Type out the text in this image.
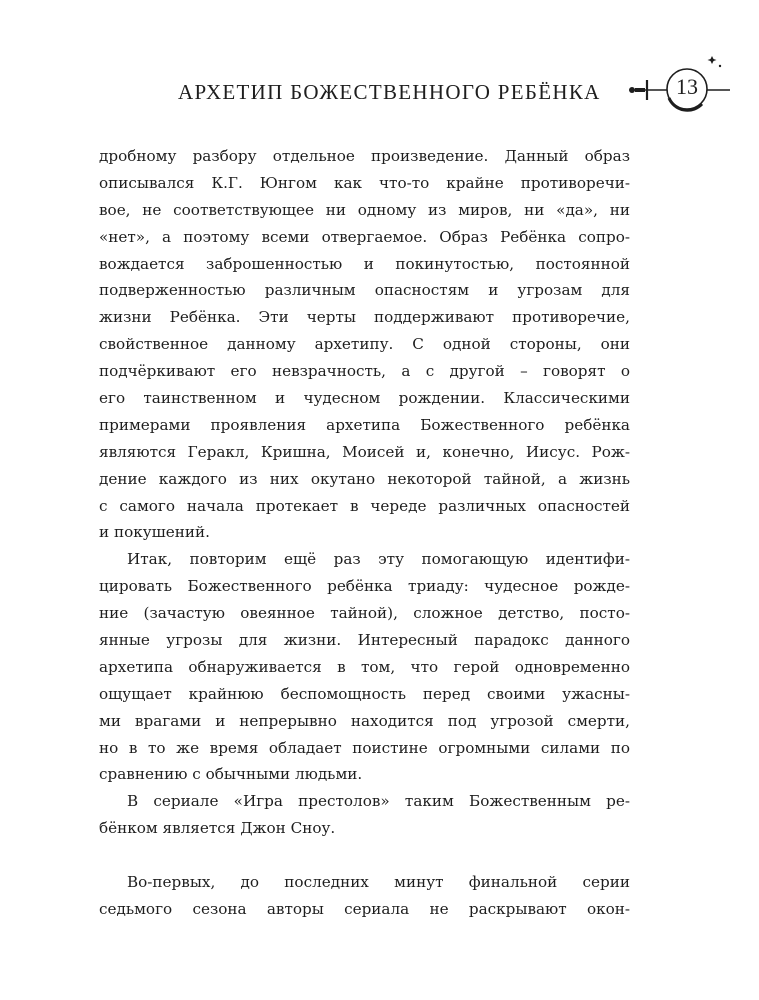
АРХЕТИП БОЖЕСТВЕННОГО РЕБЁНКА	13
дробному разбору отдельное произведение. Данный образ
описывался К.Г. Юнгом как что-то крайне противоречи-
вое, не соответствующее ни одному из миров, ни «да», ни
«нет», а поэтому всеми отвергаемое. Образ Ребёнка сопро-
вождается заброшенностью и покинутостью, постоянной
подверженностью различным опасностям и угрозам для
жизни Ребёнка. Эти черты поддерживают противоречие,
свойственное данному архетипу. С одной стороны, они
подчёркивают его невзрачность, а с другой – говорят о
его таинственном и чудесном рождении. Классическими
примерами проявления архетипа Божественного ребёнка
являются Геракл, Кришна, Моисей и, конечно, Иисус. Рож-
дение каждого из них окутано некоторой тайной, а жизнь
с самого начала протекает в череде различных опасностей
и покушений.
Итак, повторим ещё раз эту помогающую идентифи-
цировать Божественного ребёнка триаду: чудесное рожде-
ние (зачастую овеянное тайной), сложное детство, посто-
янные угрозы для жизни. Интересный парадокс данного
архетипа обнаруживается в том, что герой одновременно
ощущает крайнюю беспомощность перед своими ужасны-
ми врагами и непрерывно находится под угрозой смерти,
но в то же время обладает поистине огромными силами по
сравнению с обычными людьми.
В сериале «Игра престолов» таким Божественным ре-
бёнком является Джон Сноу.
Во-первых, до последних минут финальной серии
седьмого сезона авторы сериала не раскрывают окон-
